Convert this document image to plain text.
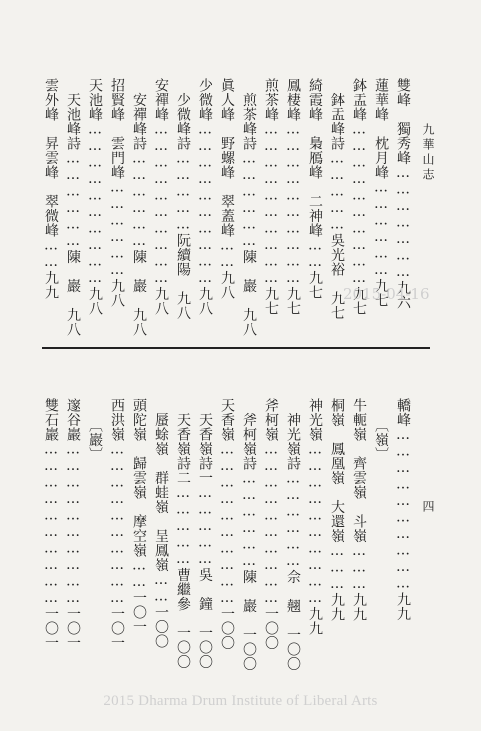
九華山志
四
雙峰　獨秀峰…………………九六
蓮華峰　枕月峰………………九七
鉢盂峰…………………………九七
　鉢盂峰詩……………吳光裕　九七
綺霞峰　梟鴈峰　二神峰……九七
鳳棲峰…………………………九七
煎茶峰…………………………九七
　煎茶峰詩………………陳　巖　九八
眞人峰　野螺峰　翠蓋峰……九八
少微峰…………………………九八
　少微峰詩……………阮續陽　九八
安禪峰…………………………九八
　安禪峰詩………………陳　巖　九八
招賢峰　雲門峰………………九八
天池峰…………………………九八
　天池峰詩………………陳　巖　九八
雲外峰　昇雲峰　翠微峰……九九
轎峰…………………………九九
〔嶺〕
牛軛嶺　齊雲嶺　斗嶺………九九
桐嶺　鳳凰嶺　大還嶺………九九
神光嶺…………………………九九
　神光嶺詩………………佘　翹　一〇〇
斧柯嶺…………………………一〇〇
　斧柯嶺詩………………陳　巖　一〇〇
天香嶺…………………………一〇〇
　天香嶺詩一……………吳　鐘　一〇〇
　天香嶺詩二……………曹繼參　一〇〇
　蜃蜍嶺　群蛙嶺　呈鳳嶺……一〇〇
頭陀嶺　歸雲嶺　摩空嶺……一〇一
西洪嶺…………………………一〇一
〔巖〕
邃谷巖…………………………一〇一
雙石巖…………………………一〇一
2015-04-16
2015 Dharma Drum Institute of Liberal Arts
